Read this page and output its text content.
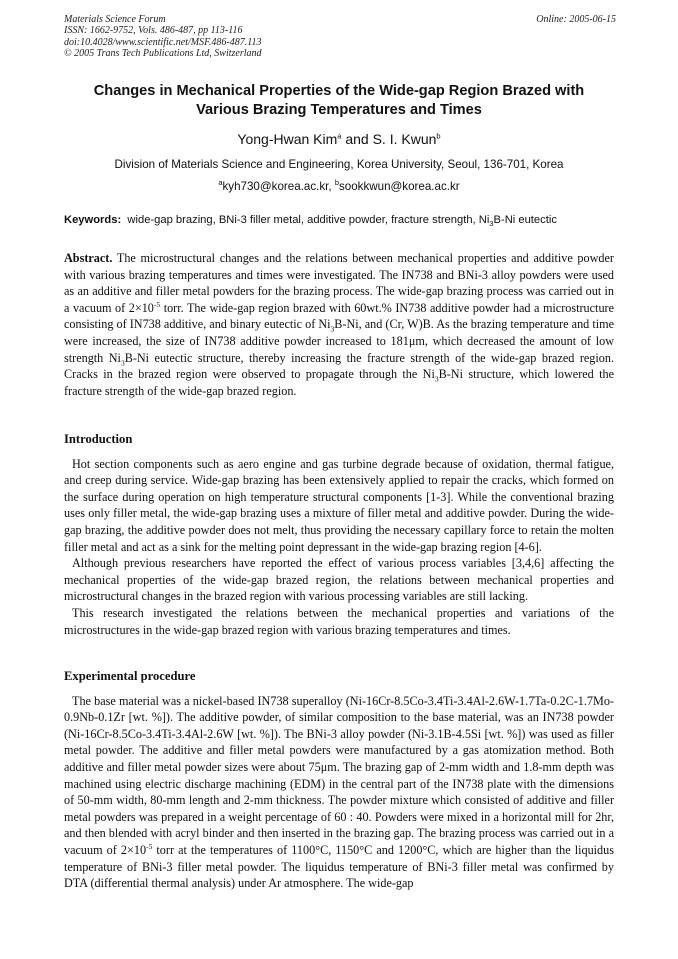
Materials Science Forum
ISSN: 1662-9752, Vols. 486-487, pp 113-116
doi:10.4028/www.scientific.net/MSF.486-487.113
© 2005 Trans Tech Publications Ltd, Switzerland
Online: 2005-06-15
Changes in Mechanical Properties of the Wide-gap Region Brazed with
Various Brazing Temperatures and Times
Yong-Hwan Kim$^a$ and S. I. Kwun$^b$
Division of Materials Science and Engineering, Korea University, Seoul, 136-701, Korea
$^a$kyh730@korea.ac.kr, $^b$sookkwun@korea.ac.kr
Keywords: wide-gap brazing, BNi-3 filler metal, additive powder, fracture strength, $Ni_3B-Ni$ eutectic

Abstract. The microstructural changes and the relations between mechanical properties and additive powder with various brazing temperatures and times were investigated. The IN738 and BNi-3 alloy powders were used as an additive and filler metal powders for the brazing process. The wide-gap brazing process was carried out in a vacuum of $2\times 10^{-5}$ torr. The wide-gap region brazed with 60wt.% IN738 additive powder had a microstructure consisting of IN738 additive, and binary eutectic of $Ni_3B-Ni$, and (Cr, W)B. As the brazing temperature and time were increased, the size of IN738 additive powder increased to 181μm, which decreased the amount of low strength $Ni_3B-Ni$ eutectic structure, thereby increasing the fracture strength of the wide-gap brazed region. Cracks in the brazed region were observed to propagate through the $Ni_3B-Ni$ structure, which lowered the fracture strength of the wide-gap brazed region.

Introduction

Hot section components such as aero engine and gas turbine degrade because of oxidation, thermal fatigue, and creep during service. Wide-gap brazing has been extensively applied to repair the cracks, which formed on the surface during operation on high temperature structural components [1-3]. While the conventional brazing uses only filler metal, the wide-gap brazing uses a mixture of filler metal and additive powder. During the wide-gap brazing, the additive powder does not melt, thus providing the necessary capillary force to retain the molten filler metal and act as a sink for the melting point depressant in the wide-gap brazing region [4-6].

Although previous researchers have reported the effect of various process variables [3,4,6] affecting the mechanical properties of the wide-gap brazed region, the relations between mechanical properties and microstructural changes in the brazed region with various processing variables are still lacking.

This research investigated the relations between the mechanical properties and variations of the microstructures in the wide-gap brazed region with various brazing temperatures and times.

Experimental procedure

The base material was a nickel-based IN738 superalloy (Ni-16Cr-8.5Co-3.4Ti-3.4Al-2.6W-1.7Ta-0.2C-1.7Mo-0.9Nb-0.1Zr [wt. %]). The additive powder, of similar composition to the base material, was an IN738 powder (Ni-16Cr-8.5Co-3.4Ti-3.4Al-2.6W [wt. %]). The BNi-3 alloy powder (Ni-3.1B-4.5Si [wt. %]) was used as filler metal powder. The additive and filler metal powders were manufactured by a gas atomization method. Both additive and filler metal powder sizes were about 75μm. The brazing gap of 2-mm width and 1.8-mm depth was machined using electric discharge machining (EDM) in the central part of the IN738 plate with the dimensions of 50-mm width, 80-mm length and 2-mm thickness. The powder mixture which consisted of additive and filler metal powders was prepared in a weight percentage of 60 : 40. Powders were mixed in a horizontal mill for 2hr, and then blended with acryl binder and then inserted in the brazing gap. The brazing process was carried out in a vacuum of $2\times 10^{-5}$ torr at the temperatures of 1100°C, 1150°C and 1200°C, which are higher than the liquidus temperature of BNi-3 filler metal powder. The liquidus temperature of BNi-3 filler metal was confirmed by DTA (differential thermal analysis) under Ar atmosphere. The wide-gap
